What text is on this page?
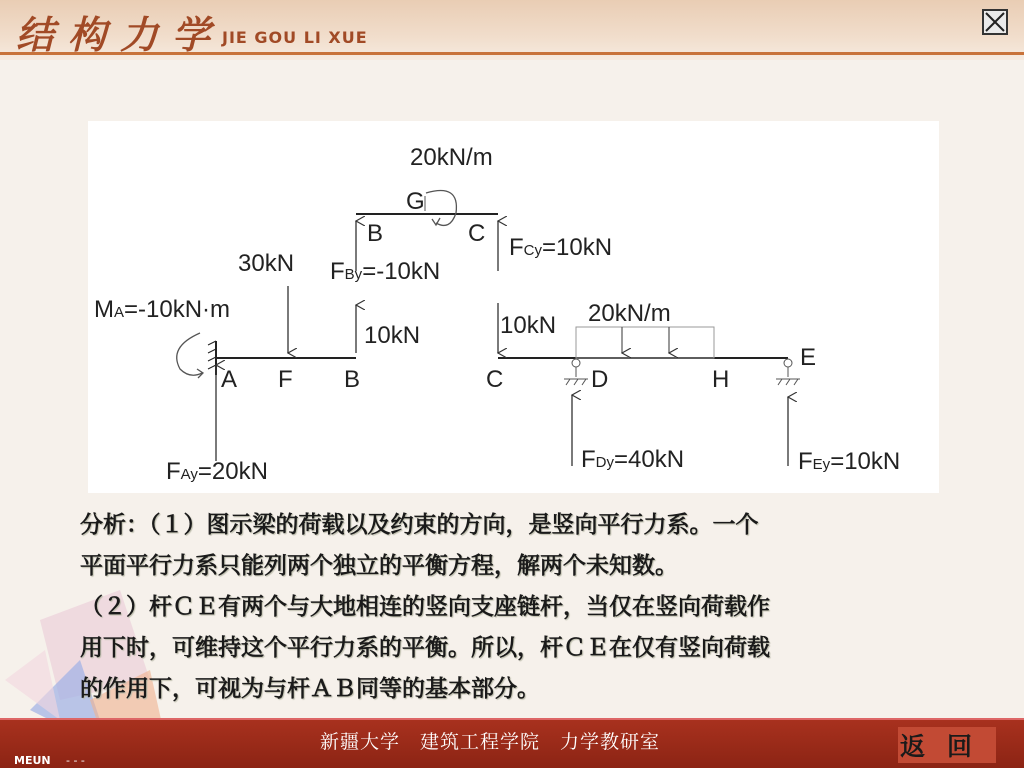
结构力学
JIE GOU LI XUE
20kN/m
G
B	C
FCy=10kN
30kN FBy=-10kN
MA=-10kN·m
10kN
A F B
FAy=20kN
10kN 20kN/m
C	D	H
E
FDy=40kN	FEy=10kN

分析：（１）图示梁的荷载以及约束的方向，是竖向平行力系。一个

平面平行力系只能列两个独立的平衡方程，解两个未知数。

（２）杆ＣＥ有两个与大地相连的竖向支座链杆，当仅在竖向荷载作

用下时，可维持这个平行力系的平衡。所以，杆ＣＥ在仅有竖向荷载

的作用下，可视为与杆ＡＢ同等的基本部分。

新疆大学　建筑工程学院　力学教研室	返回
MEUN - - -
